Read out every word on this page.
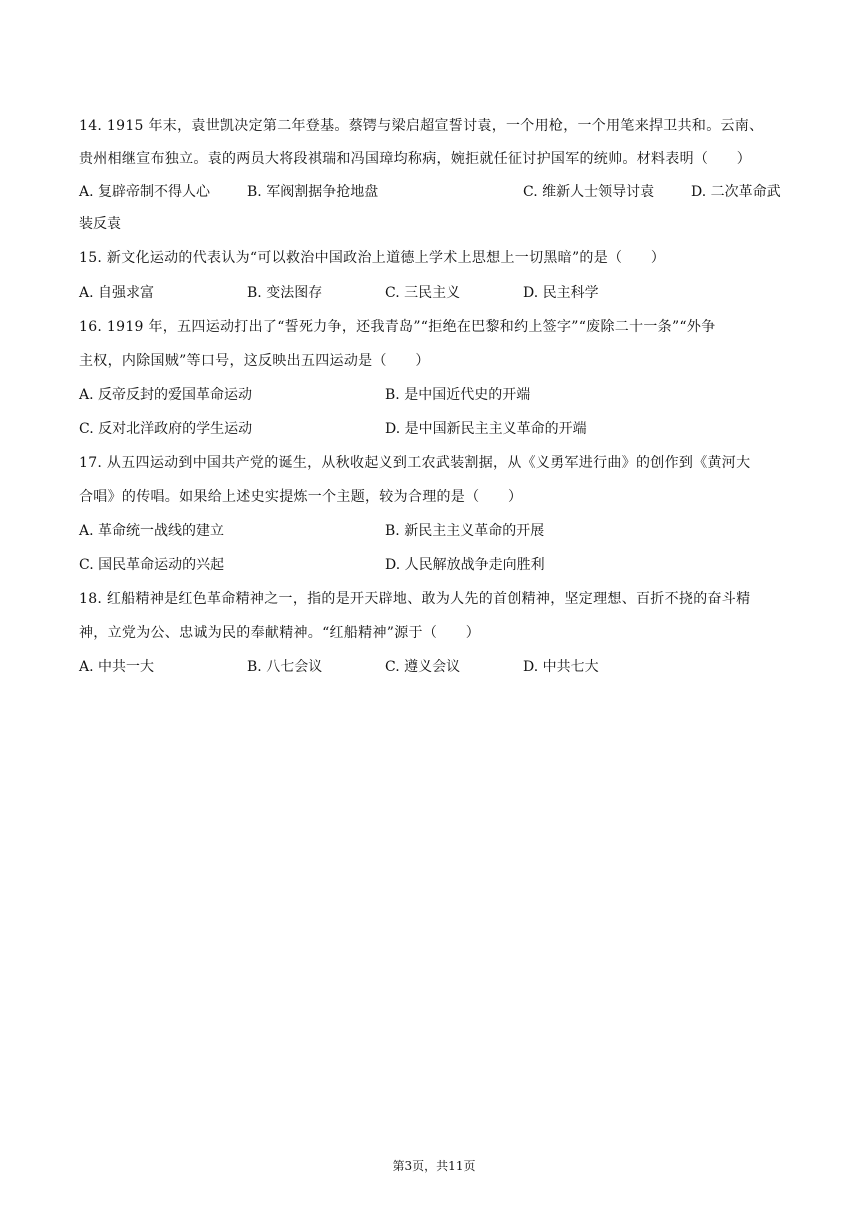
14. 1915 年末，袁世凯决定第二年登基。蔡锷与梁启超宣誓讨袁，一个用枪，一个用笔来捍卫共和。云南、
贵州相继宣布独立。袁的两员大将段祺瑞和冯国璋均称病，婉拒就任征讨护国军的统帅。材料表明（　　）
A. 复辟帝制不得人心	B. 军阀割据争抢地盘	C. 维新人士领导讨袁	D. 二次革命武
装反袁
15. 新文化运动的代表认为“可以救治中国政治上道德上学术上思想上一切黑暗”的是（　　）
A. 自强求富	B. 变法图存	C. 三民主义	D. 民主科学
16. 1919 年，五四运动打出了“誓死力争，还我青岛”“拒绝在巴黎和约上签字”“废除二十一条”“外争
主权，内除国贼”等口号，这反映出五四运动是（　　）
A. 反帝反封的爱国革命运动	B. 是中国近代史的开端
C. 反对北洋政府的学生运动	D. 是中国新民主主义革命的开端
17. 从五四运动到中国共产党的诞生，从秋收起义到工农武装割据，从《义勇军进行曲》的创作到《黄河大
合唱》的传唱。如果给上述史实提炼一个主题，较为合理的是（　　）
A. 革命统一战线的建立	B. 新民主主义革命的开展
C. 国民革命运动的兴起	D. 人民解放战争走向胜利
18. 红船精神是红色革命精神之一，指的是开天辟地、敢为人先的首创精神，坚定理想、百折不挠的奋斗精
神，立党为公、忠诚为民的奉献精神。“红船精神”源于（　　）
A. 中共一大	B. 八七会议	C. 遵义会议	D. 中共七大
第3页，共11页
